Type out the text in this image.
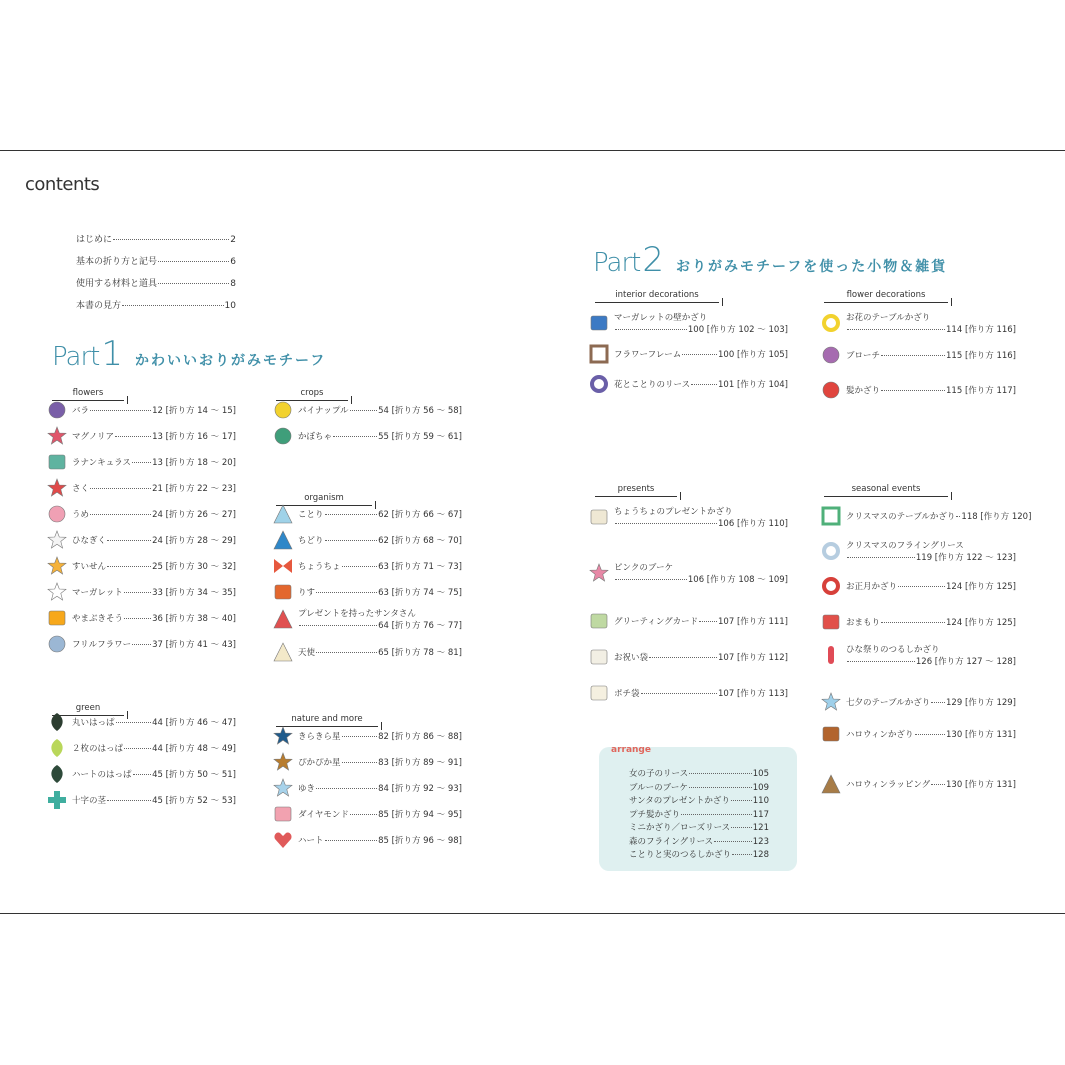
contents
はじめに	2
基本の折り方と記号	6
使用する材料と道具	8
本書の見方	10
Part 1 かわいいおりがみモチーフ
Part 2 おりがみモチーフを使った小物＆雑貨
flowers
バラ	12 [折り方 14 ～ 15]
マグノリア	13 [折り方 16 ～ 17]
ラナンキュラス	13 [折り方 18 ～ 20]
さく	21 [折り方 22 ～ 23]
うめ	24 [折り方 26 ～ 27]
ひなぎく	24 [折り方 28 ～ 29]
すいせん	25 [折り方 30 ～ 32]
マーガレット	33 [折り方 34 ～ 35]
やまぶきそう	36 [折り方 38 ～ 40]
フリルフラワー 37 [折り方 41 ～ 43]
green
丸いはっぱ	44 [折り方 46 ～ 47]
２枚のはっぱ	44 [折り方 48 ～ 49]
ハートのはっぱ 45 [折り方 50 ～ 51]
十字の茎	45 [折り方 52 ～ 53]
crops
パイナップル	54 [折り方 56 ～ 58]
かぼちゃ	55 [折り方 59 ～ 61]
organism
ことり	62 [折り方 66 ～ 67]
ちどり	62 [折り方 68 ～ 70]
ちょうちょ	63 [折り方 71 ～ 73]
りす	63 [折り方 74 ～ 75]
プレゼントを持ったサンタさん
64 [折り方 76 ～ 77]
天使	65 [折り方 78 ～ 81]
nature and more
きらきら星	82 [折り方 86 ～ 88]
ぴかぴか星	83 [折り方 89 ～ 91]
ゆき	84 [折り方 92 ～ 93]
ダイヤモンド	85 [折り方 94 ～ 95]
ハート	85 [折り方 96 ～ 98]
interior decorations
マーガレットの壁かざり
100 [作り方 102 ～ 103]
フラワーフレーム	100 [作り方 105]
花とことりのリース	101 [作り方 104]
flower decorations
お花のテーブルかざり
114 [作り方 116]
ブローチ	115 [作り方 116]
髪かざり	115 [作り方 117]
presents
ちょうちょのプレゼントかざり
106 [作り方 110]
ピンクのブーケ
106 [作り方 108 ～ 109]
グリーティングカード 107 [作り方 111]
お祝い袋	107 [作り方 112]
ポチ袋	107 [作り方 113]
seasonal events
クリスマスのテーブルかざり 118 [作り方 120]
クリスマスのフライングリース
119 [作り方 122 ～ 123]
お正月かざり	124 [作り方 125]
おまもり	124 [作り方 125]
ひな祭りのつるしかざり
126 [作り方 127 ～ 128]
七夕のテーブルかざり 129 [作り方 129]
ハロウィンかざり	130 [作り方 131]
ハロウィンラッピング 130 [作り方 131]
arrange
女の子のリース	105
ブルーのブーケ	109
サンタのプレゼントかざり	110
プチ髪かざり	117
ミニかざり／ローズリース	121
森のフライングリース	123
ことりと実のつるしかざり	128
